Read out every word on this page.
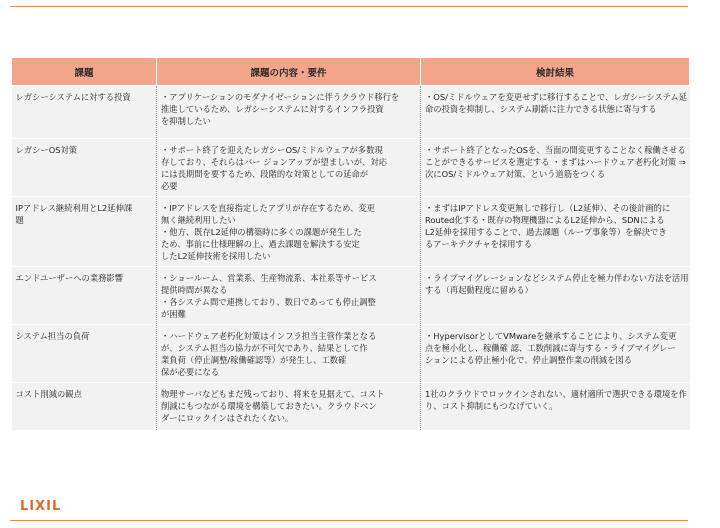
課題	課題の内容・要件	検討結果

レガシーシステムに対する投資	・アプリケーションのモダナイゼーションに伴うクラウド移行を
推進しているため、レガシーシステムに対するインフラ投資
を抑制したい	・OS/ミドルウェアを変更せずに移行することで、レガシーシステム延
命の投資を抑制し、システム刷新に注力できる状態に寄与する

レガシーOS対策	・サポート終了を迎えたレガシーOS/ミドルウェアが多数現
存しており、それらはバー ジョンアップが望ましいが、対応
には長期間を要するため、段階的な対策としての延命が
必要	・サポート終了となったOSを、当面の間変更することなく稼働させる
ことができるサービスを選定する ・まずはハードウェア老朽化対策 ⇒
次にOS/ミドルウェア対策、という道筋をつくる

IPアドレス継続利用とL2延伸課
題	・IPアドレスを直接指定したアプリが存在するため、変更
無く継続利用したい
・他方、既存L2延伸の構築時に多くの課題が発生した
ため、事前に仕様理解の上、過去課題を解決する安定
したL2延伸技術を採用したい	・まずはIPアドレス変更無しで移行し（L2延伸）、その後計画的に
Routed化する・既存の物理機器によるL2延伸から、SDNによる
L2延伸を採用することで、過去課題（ループ事象等）を解決でき
るアーキテクチャを採用する

エンドユーザーへの業務影響	・ショールーム、営業系、生産物流系、本社系等サービス
提供時間が異なる
・各システム間で連携しており、数日であっても停止調整
が困難	・ライブマイグレーションなどシステム停止を極力伴わない方法を活用
する（再起動程度に留める）

システム担当の負荷	・ハードウェア老朽化対策はインフラ担当主管作業となる
が、システム担当の協力が不可欠であり、結果として作
業負荷（停止調整/稼働確認等）が発生し、工数確
保が必要になる	・HypervisorとしてVMwareを継承することにより、システム変更
点を極小化し、稼働確 認、工数削減に寄与する・ライブマイグレー
ションによる停止極小化で、停止調整作業の削減を図る

コスト削減の観点	物理サーバなどもまだ残っており、将来を見据えて、コスト
削減にもつながる環境を構築しておきたい。クラウドベン
ダーにロックインはされたくない。	1社のクラウドでロックインされない、適材適所で選択できる環境を作
り、コスト抑制にもつなげていく。
LIXIL
